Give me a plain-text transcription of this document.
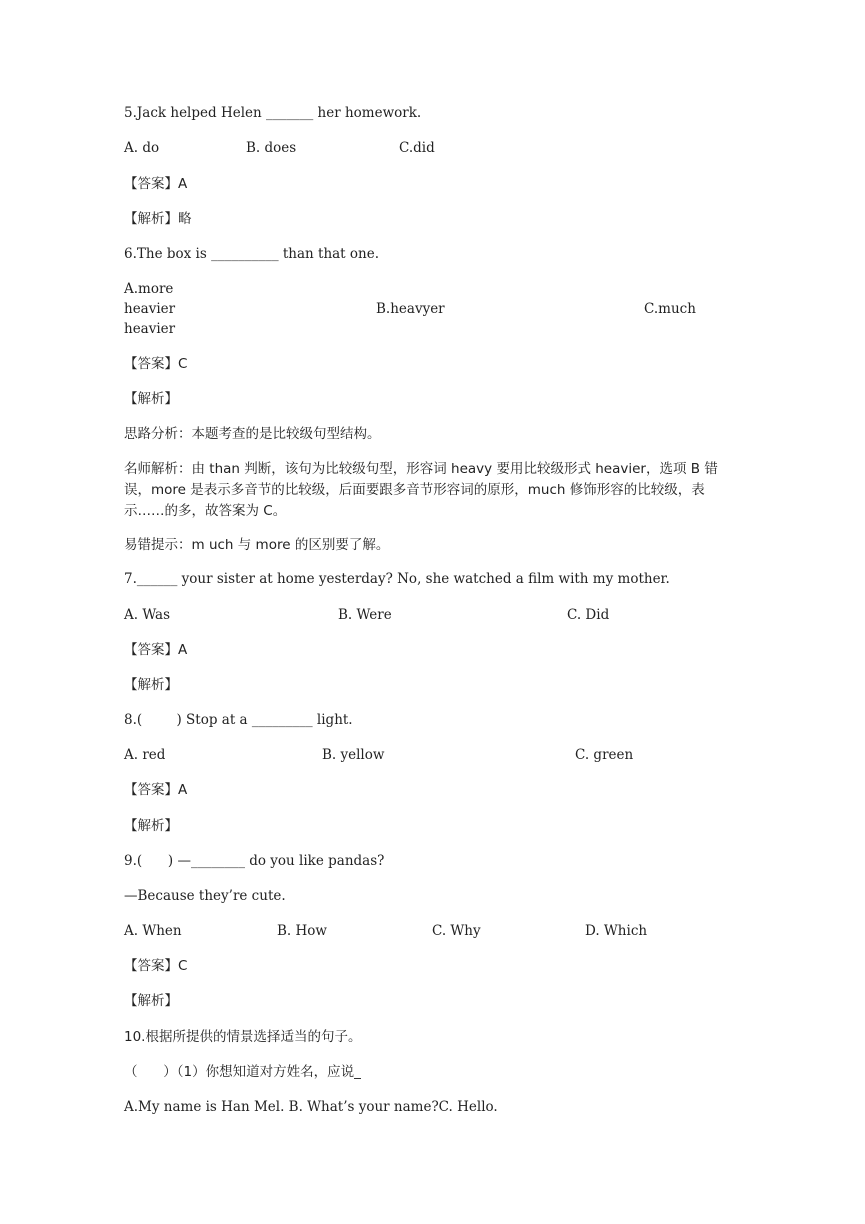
5.Jack helped Helen _______ her homework.
A. do	B. does	C.did
【答案】A
【解析】略
6.The box is __________ than that one.
A.more
heavier	B.heavyer	C.much
heavier
【答案】C
【解析】
思路分析：本题考查的是比较级句型结构。
名师解析：由 than 判断，该句为比较级句型，形容词 heavy 要用比较级形式 heavier，选项 B 错误，more 是表示多音节的比较级，后面要跟多音节形容词的原形，much 修饰形容的比较级，表示……的多，故答案为 C。
易错提示：m uch 与 more 的区别要了解。
7.______ your sister at home yesterday? No, she watched a film with my mother.
A. Was	B. Were	C. Did
【答案】A
【解析】
8.(        ) Stop at a _________ light.
A. red	B. yellow	C. green
【答案】A
【解析】
9.(      ) —________ do you like pandas?
—Because they’re cute.
A. When	B. How	C. Why	D. Which
【答案】C
【解析】
10.根据所提供的情景选择适当的句子。
（      ）（1）你想知道对方姓名，应说_
A.My name is Han Mel. B. What’s your name?C. Hello.
